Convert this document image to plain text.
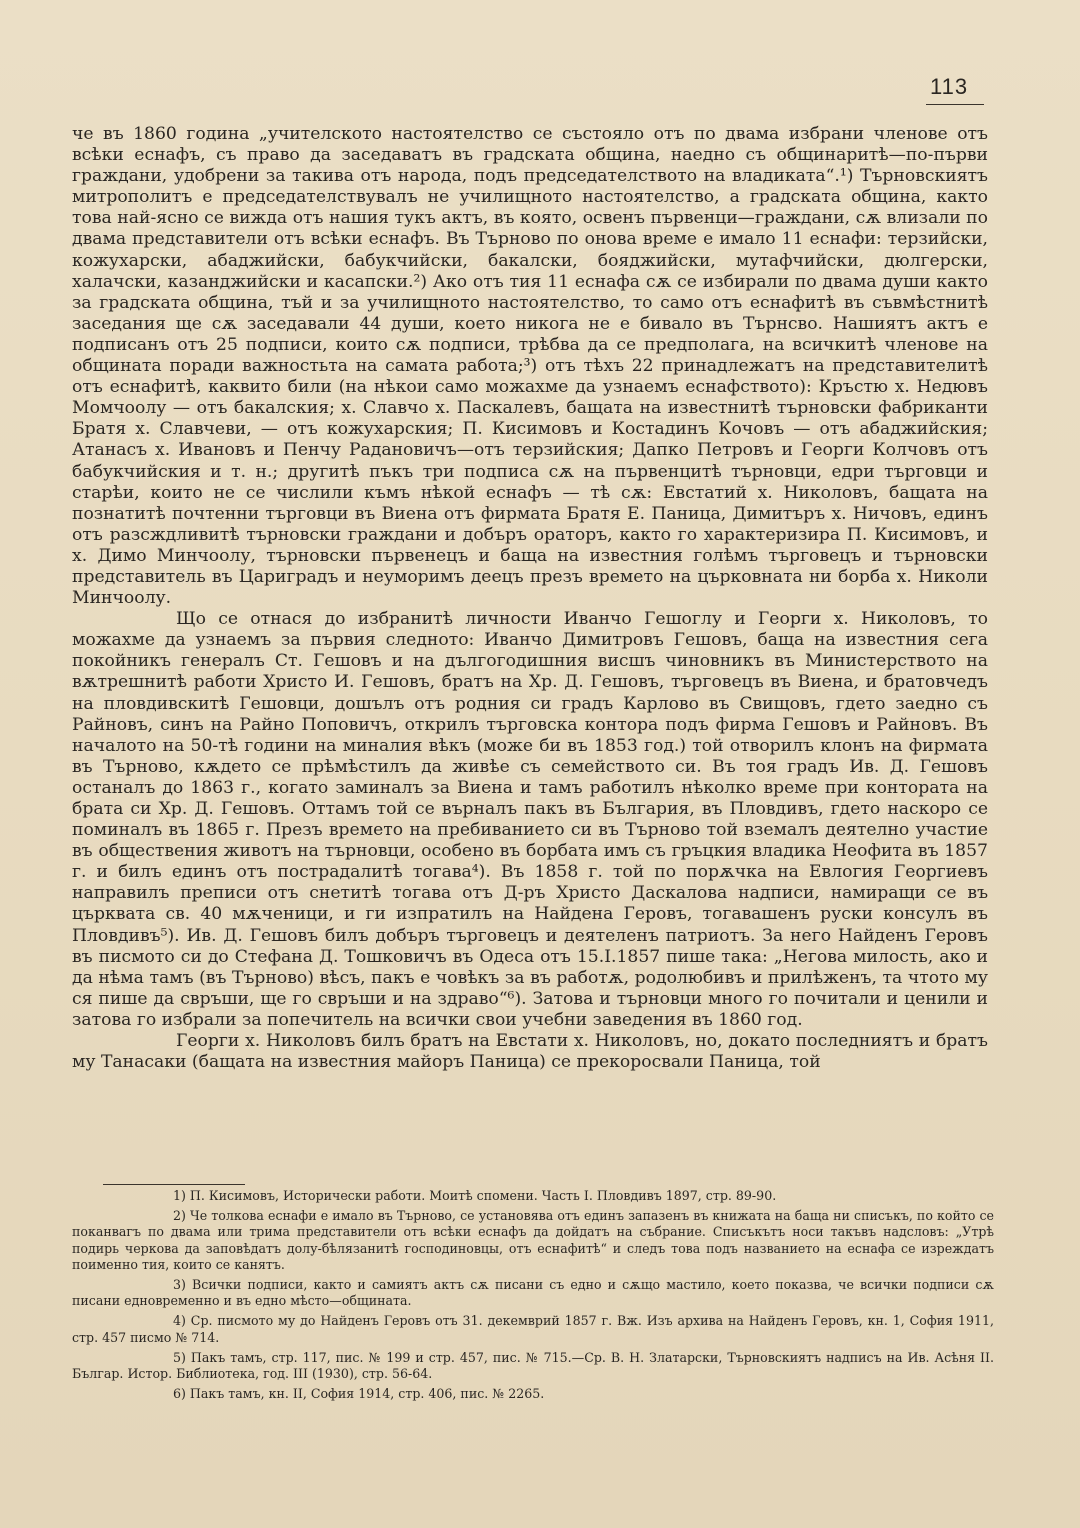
113

че въ 1860 година „учителското настоятелство се състояло отъ по двама избрани членове отъ всѣки еснафъ, съ право да заседаватъ въ градската община, наедно съ общинаритѣ—по-първи граждани, удобрени за такива отъ народа, подъ председателството на владиката“.¹) Търновскиятъ митрополитъ е председателствувалъ не училищното настоятелство, а градската община, както това най-ясно се вижда отъ нашия тукъ актъ, въ която, освенъ първенци—граждани, сѫ влизали по двама представители отъ всѣки еснафъ. Въ Търново по онова време е имало 11 еснафи: терзийски, кожухарски, абаджийски, бабукчийски, бакалски, бояджийски, мутафчийски, дюлгерски, халачски, казанджийски и касапски.²) Ако отъ тия 11 еснафа сѫ се избирали по двама души както за градската община, тъй и за училищното настоятелство, то само отъ еснафитѣ въ съвмѣстнитѣ заседания ще сѫ заседавали 44 души, което никога не е бивало въ Търнсво. Нашиятъ актъ е подписанъ отъ 25 подписи, които сѫ подписи, трѣбва да се предполага, на всичкитѣ членове на общината поради важностьта на самата работа;³) отъ тѣхъ 22 принадлежатъ на представителитѣ отъ еснафитѣ, каквито били (на нѣкои само можахме да узнаемъ еснафството): Кръстю х. Недювъ Момчоолу — отъ бакалския; х. Славчо х. Паскалевъ, бащата на известнитѣ търновски фабриканти Братя х. Славчеви, — отъ кожухарския; П. Кисимовъ и Костадинъ Кочовъ — отъ абаджийския; Атанасъ х. Ивановъ и Пенчу Радановичъ—отъ терзийския; Дапко Петровъ и Георги Колчовъ отъ бабукчийския и т. н.; другитѣ пъкъ три подписа сѫ на първенцитѣ търновци, едри търговци и старѣи, които не се числили къмъ нѣкой еснафъ — тѣ сѫ: Евстатий х. Николовъ, бащата на познатитѣ почтенни търговци въ Виена отъ фирмата Братя Е. Паница, Димитъръ х. Ничовъ, единъ отъ разсждливитѣ търновски граждани и добъръ ораторъ, както го характеризира П. Кисимовъ, и х. Димо Минчоолу, търновски първенецъ и баща на известния голѣмъ търговецъ и търновски представитель въ Цариградъ и неуморимъ деецъ презъ времето на църковната ни борба х. Николи Минчоолу.

Що се отнася до избранитѣ личности Иванчо Гешоглу и Георги х. Николовъ, то можахме да узнаемъ за първия следното: Иванчо Димитровъ Гешовъ, баща на известния сега покойникъ генералъ Ст. Гешовъ и на дългогодишния висшъ чиновникъ въ Министерството на вѫтрешнитѣ работи Христо И. Гешовъ, братъ на Хр. Д. Гешовъ, търговецъ въ Виена, и братовчедъ на пловдивскитѣ Гешовци, дошълъ отъ родния си градъ Карлово въ Свищовъ, гдето заедно съ Райновъ, синъ на Райно Поповичъ, открилъ търговска контора подъ фирма Гешовъ и Райновъ. Въ началото на 50-тѣ години на миналия вѣкъ (може би въ 1853 год.) той отворилъ клонъ на фирмата въ Търново, кѫдето се прѣмѣстилъ да живѣе съ семейството си. Въ тоя градъ Ив. Д. Гешовъ останалъ до 1863 г., когато заминалъ за Виена и тамъ работилъ нѣколко време при контората на брата си Хр. Д. Гешовъ. Оттамъ той се върналъ пакъ въ България, въ Пловдивъ, гдето наскоро се поминалъ въ 1865 г. Презъ времето на пребиванието си въ Търново той вземалъ деятелно участие въ обществения животъ на търновци, особено въ борбата имъ съ гръцкия владика Неофита въ 1857 г. и билъ единъ отъ пострадалитѣ тогава⁴). Въ 1858 г. той по порѫчка на Евлогия Георгиевъ направилъ преписи отъ снетитѣ тогава отъ Д-ръ Христо Даскалова надписи, намиращи се въ църквата св. 40 мѫченици, и ги изпратилъ на Найдена Геровъ, тогавашенъ руски консулъ въ Пловдивъ⁵). Ив. Д. Гешовъ билъ добъръ търговецъ и деятеленъ патриотъ. За него Найденъ Геровъ въ писмото си до Стефана Д. Тошковичъ въ Одеса отъ 15.I.1857 пише така: „Негова милость, ако и да нѣма тамъ (въ Търново) вѣсъ, пакъ е човѣкъ за въ работѫ, родолюбивъ и прилѣженъ, та чтото му ся пише да свръши, ще го свръши и на здраво“⁶). Затова и търновци много го почитали и ценили и затова го избрали за попечитель на всички свои учебни заведения въ 1860 год.

Георги х. Николовъ билъ братъ на Евстати х. Николовъ, но, докато последниятъ и братъ му Танасаки (бащата на известния майоръ Паница) се прекоросвали Паница, той

1) П. Кисимовъ, Исторически работи. Моитѣ спомени. Часть I. Пловдивъ 1897, стр. 89-90.

2) Че толкова еснафи е имало въ Търново, се установява отъ единъ запазенъ въ книжата на баща ни списъкъ, по който се поканвагъ по двама или трима представители отъ всѣки еснафъ да дойдатъ на събрание. Списъкътъ носи такъвъ надсловъ: „Утрѣ подирь черкова да заповѣдатъ долу-бѣлязанитѣ господиновцы, отъ еснафитѣ“ и следъ това подъ названието на еснафа се изреждатъ поименно тия, които се канятъ.

3) Всички подписи, както и самиятъ актъ сѫ писани съ едно и сѫщо мастило, което показва, че всички подписи сѫ писани едновременно и въ едно мѣсто—общината.

4) Ср. писмото му до Найденъ Геровъ отъ 31. декемврий 1857 г. Вж. Изъ архива на Найденъ Геровъ, кн. 1, София 1911, стр. 457 писмо № 714.

5) Пакъ тамъ, стр. 117, пис. № 199 и стр. 457, пис. № 715.—Ср. В. Н. Златарски, Търновскиятъ надписъ на Ив. Асѣня II. Българ. Истор. Библиотека, год. III (1930), стр. 56-64.

6) Пакъ тамъ, кн. II, София 1914, стр. 406, пис. № 2265.
